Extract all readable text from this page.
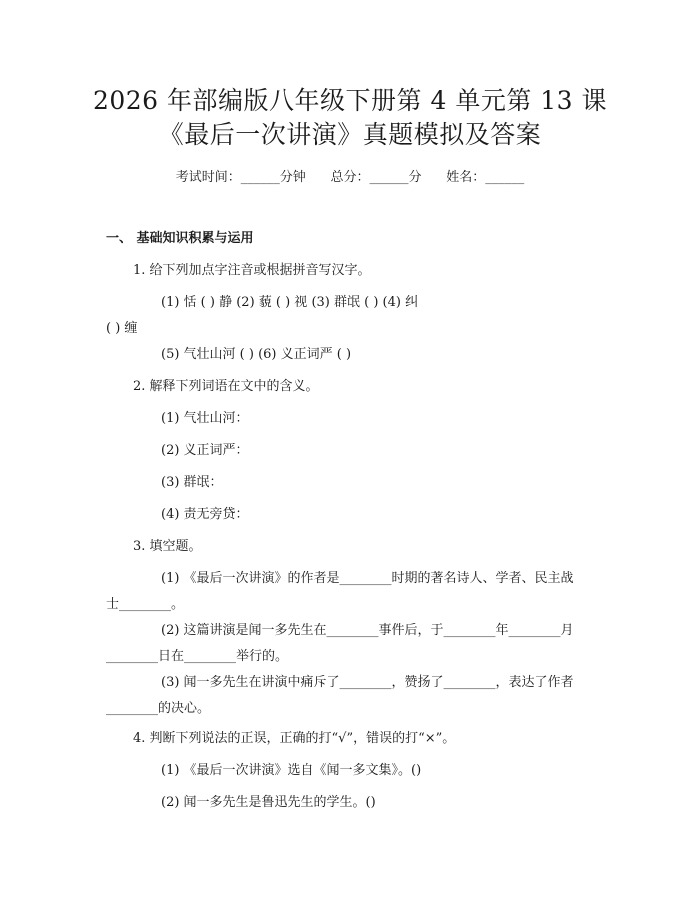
2026 年部编版八年级下册第 4 单元第 13 课
《最后一次讲演》真题模拟及答案
考试时间：______分钟      总分：______分      姓名：______
一、 基础知识积累与运用
1. 给下列加点字注音或根据拼音写汉字。
(1) 恬 ( ) 静 (2) 藐 ( ) 视 (3) 群氓 ( ) (4) 纠
( ) 缠
(5) 气壮山河 ( ) (6) 义正词严 ( )
2. 解释下列词语在文中的含义。
(1) 气壮山河：
(2) 义正词严：
(3) 群氓：
(4) 责无旁贷：
3. 填空题。
(1) 《最后一次讲演》的作者是________时期的著名诗人、学者、民主战
士________。
(2) 这篇讲演是闻一多先生在________事件后，于________年________月
________日在________举行的。
(3) 闻一多先生在讲演中痛斥了________，赞扬了________，表达了作者
________的决心。
4. 判断下列说法的正误，正确的打“√”，错误的打“×”。
(1) 《最后一次讲演》选自《闻一多文集》。()
(2) 闻一多先生是鲁迅先生的学生。()
